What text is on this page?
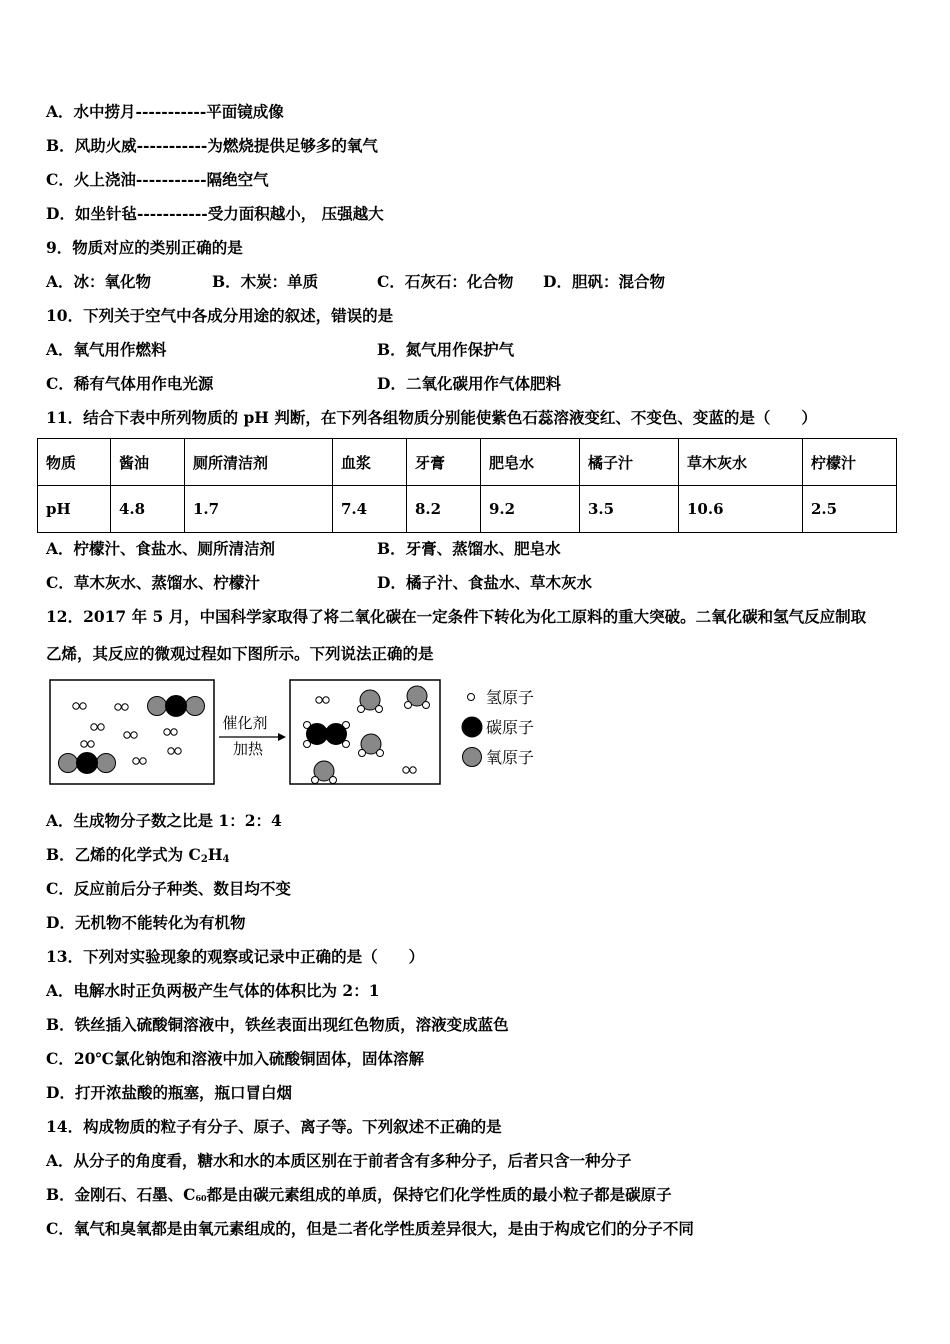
A．水中捞月-----------平面镜成像
B．风助火威-----------为燃烧提供足够多的氧气
C．火上浇油-----------隔绝空气
D．如坐针毡-----------受力面积越小， 压强越大
9．物质对应的类别正确的是
A．冰：氧化物	B．木炭：单质	C．石灰石：化合物 D．胆矾：混合物
10．下列关于空气中各成分用途的叙述，错误的是
A．氧气用作燃料	B．氮气用作保护气
C．稀有气体用作电光源	D．二氧化碳用作气体肥料
11．结合下表中所列物质的 pH 判断，在下列各组物质分别能使紫色石蕊溶液变红、不变色、变蓝的是（　　）
物质	酱油	厕所清洁剂	血浆	牙膏	肥皂水	橘子汁	草木灰水	柠檬汁
pH	4.8	1.7	7.4	8.2	9.2	3.5	10.6	2.5
A．柠檬汁、食盐水、厕所清洁剂	B．牙膏、蒸馏水、肥皂水
C．草木灰水、蒸馏水、柠檬汁	D．橘子汁、食盐水、草木灰水
12．2017 年 5 月，中国科学家取得了将二氧化碳在一定条件下转化为化工原料的重大突破。二氧化碳和氢气反应制取
乙烯，其反应的微观过程如下图所示。下列说法正确的是
催化剂
加热
氢原子
碳原子
氧原子
A．生成物分子数之比是 1：2：4
B．乙烯的化学式为 $C_2H_4$
C．反应前后分子种类、数目均不变
D．无机物不能转化为有机物
13．下列对实验现象的观察或记录中正确的是（　　）
A．电解水时正负两极产生气体的体积比为 2：1
B．铁丝插入硫酸铜溶液中，铁丝表面出现红色物质，溶液变成蓝色
C．20℃氯化钠饱和溶液中加入硫酸铜固体，固体溶解
D．打开浓盐酸的瓶塞，瓶口冒白烟
14．构成物质的粒子有分子、原子、离子等。下列叙述不正确的是
A．从分子的角度看，糖水和水的本质区别在于前者含有多种分子，后者只含一种分子
B．金刚石、石墨、C60都是由碳元素组成的单质，保持它们化学性质的最小粒子都是碳原子
C．氧气和臭氧都是由氧元素组成的，但是二者化学性质差异很大，是由于构成它们的分子不同
